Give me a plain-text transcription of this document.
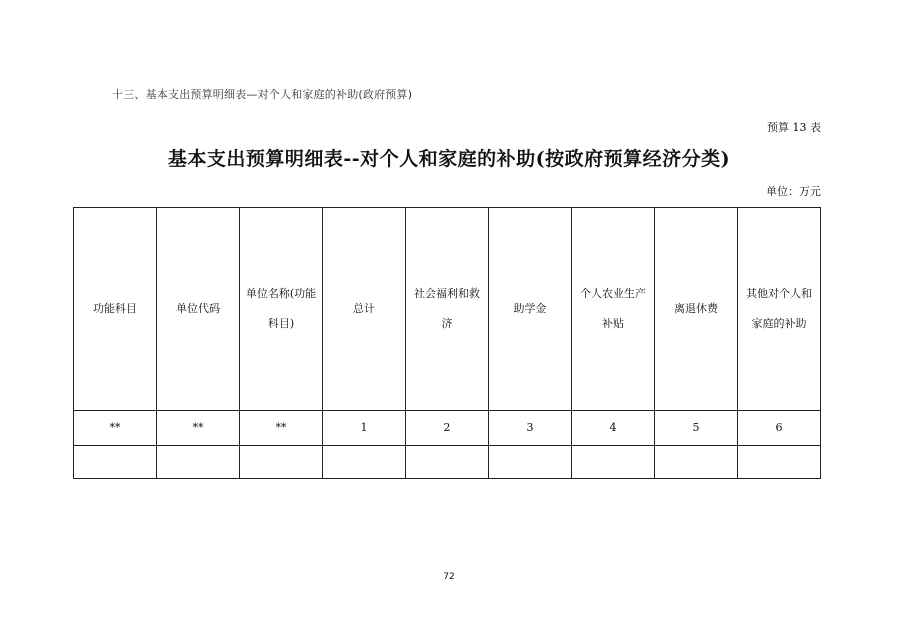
十三、基本支出预算明细表—对个人和家庭的补助(政府预算)
预算 13 表
基本支出预算明细表--对个人和家庭的补助(按政府预算经济分类)
单位：万元
功能科目	单位代码	单位名称(功能科目)	总计	社会福利和救济	助学金	个人农业生产补贴	离退休费	其他对个人和家庭的补助
**	**	**	1	2	3	4	5	6

72
